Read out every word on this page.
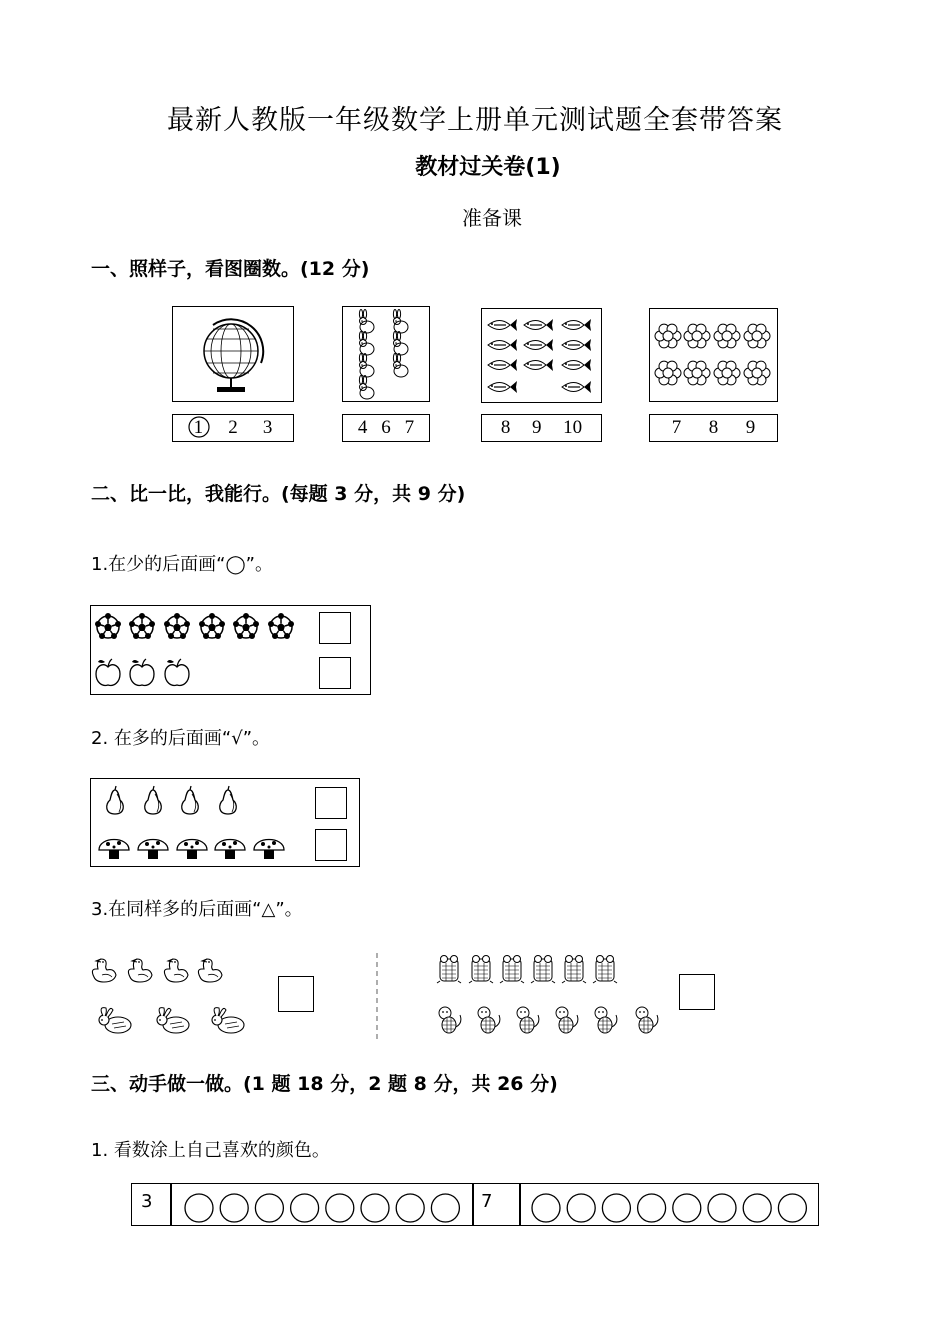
最新人教版一年级数学上册单元测试题全套带答案
教材过关卷(1)
准备课
一、照样子，看图圈数。(12 分)
1 2 3	4 6 7	8 9 10	7 8 9
二、比一比，我能行。(每题 3 分，共 9 分)
1.在少的后面画“◯”。
2. 在多的后面画“√”。
3.在同样多的后面画“△”。
三、动手做一做。(1 题 18 分，2 题 8 分，共 26 分)
1. 看数涂上自己喜欢的颜色。
3	7
